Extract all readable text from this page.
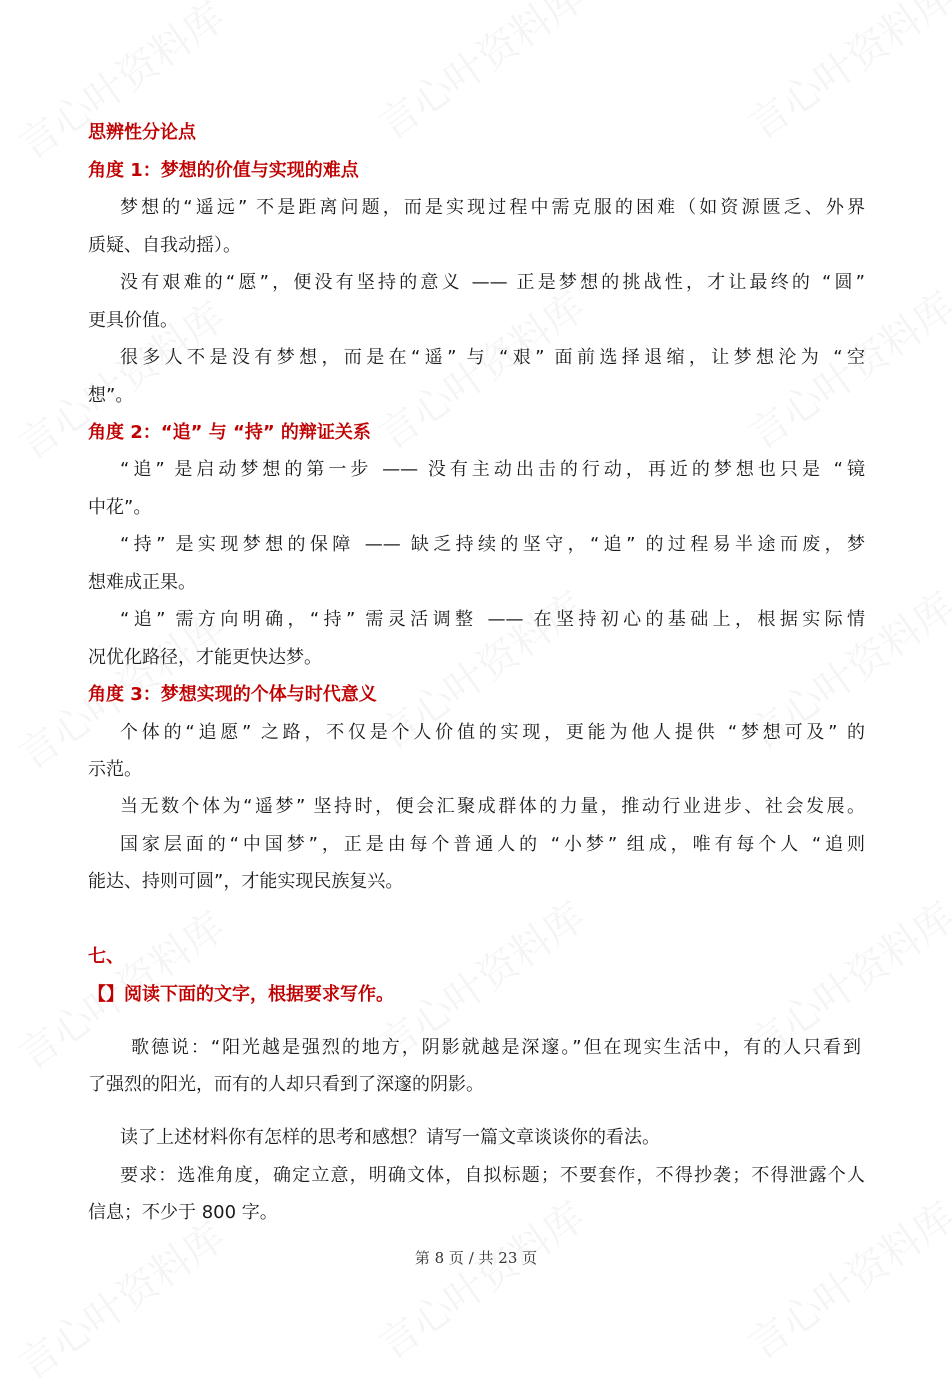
思辨性分论点
角度 1：梦想的价值与实现的难点
梦想的“遥远” 不是距离问题，而是实现过程中需克服的困难（如资源匮乏、外界
质疑、自我动摇）。
没有艰难的“愿”，便没有坚持的意义 —— 正是梦想的挑战性，才让最终的 “圆”
更具价值。
很多人不是没有梦想，而是在“遥” 与 “艰” 面前选择退缩，让梦想沦为 “空
想”。
角度 2：“追” 与 “持” 的辩证关系
“追” 是启动梦想的第一步 —— 没有主动出击的行动，再近的梦想也只是 “镜
中花”。
“持” 是实现梦想的保障 —— 缺乏持续的坚守，“追” 的过程易半途而废，梦
想难成正果。
“追” 需方向明确，“持” 需灵活调整 —— 在坚持初心的基础上，根据实际情
况优化路径，才能更快达梦。
角度 3：梦想实现的个体与时代意义
个体的“追愿” 之路，不仅是个人价值的实现，更能为他人提供 “梦想可及” 的
示范。
当无数个体为“遥梦” 坚持时，便会汇聚成群体的力量，推动行业进步、社会发展。
国家层面的“中国梦”，正是由每个普通人的 “小梦” 组成，唯有每个人 “追则
能达、持则可圆”，才能实现民族复兴。
七、
【】阅读下面的文字，根据要求写作。
歌德说：“阳光越是强烈的地方，阴影就越是深邃。”但在现实生活中，有的人只看到
了强烈的阳光，而有的人却只看到了深邃的阴影。
读了上述材料你有怎样的思考和感想？请写一篇文章谈谈你的看法。
要求：选准角度，确定立意，明确文体，自拟标题；不要套作，不得抄袭；不得泄露个人
信息；不少于 800 字。
第 8 页 / 共 23 页
